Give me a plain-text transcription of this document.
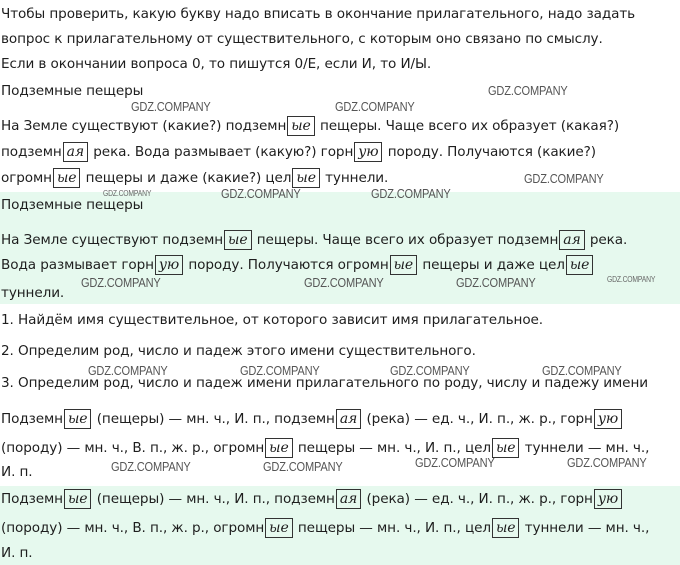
Чтобы проверить, какую букву надо вписать в окончание прилагательного, надо задать
вопрос к прилагательному от существительного, с которым оно связано по смыслу.
Если в окончании вопроса 0, то пишутся 0/Е, если И, то И/Ы.
Подземные пещеры
На Земле существуют (какие?) подземн ые пещеры. Чаще всего их образует (какая?)
подземн ая река. Вода размывает (какую?) горн ую породу. Получаются (какие?)
огромн ые пещеры и даже (какие?) цел ые туннели.
Подземные пещеры
На Земле существуют подземн ые пещеры. Чаще всего их образует подземн ая река.
Вода размывает горн ую породу. Получаются огромн ые пещеры и даже цел ые
туннели.
1. Найдём имя существительное, от которого зависит имя прилагательное.
2. Определим род, число и падеж этого имени существительного.
3. Определим род, число и падеж имени прилагательного по роду, числу и падежу имени
Подземн ые (пещеры) — мн. ч., И. п., подземн ая (река) — ед. ч., И. п., ж. р., горн ую
(породу) — мн. ч., В. п., ж. р., огромн ые пещеры — мн. ч., И. п., цел ые туннели — мн. ч.,
И. п.
Подземн ые (пещеры) — мн. ч., И. п., подземн ая (река) — ед. ч., И. п., ж. р., горн ую
(породу) — мн. ч., В. п., ж. р., огромн ые пещеры — мн. ч., И. п., цел ые туннели — мн. ч.,
И. п.
GDZ.COMPANY
GDZ.COMPANY	GDZ.COMPANY
GDZ.COMPANY
GDZ.COMPANY	GDZ.COMPANY	GDZ.COMPANY
GDZ.COMPANY	GDZ.COMPANY	GDZ.COMPANY	GDZ.COMPANY
GDZ.COMPANY	GDZ.COMPANY	GDZ.COMPANY	GDZ.COMPANY
GDZ.COMPANY	GDZ.COMPANY	GDZ.COMPANY	GDZ.COMPANY
